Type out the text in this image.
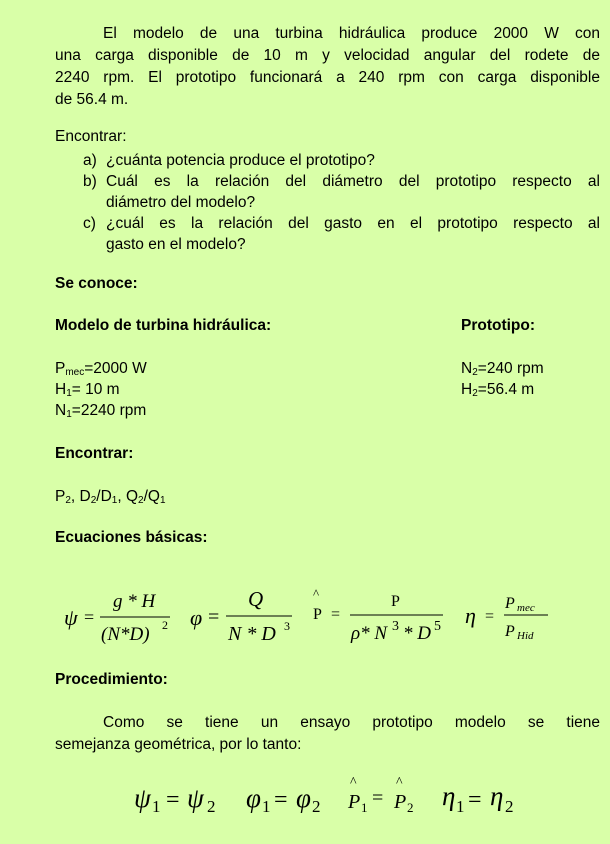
El modelo de una turbina hidráulica produce 2000 W con
una carga disponible de 10 m y velocidad angular del rodete de
2240 rpm. El prototipo funcionará a 240 rpm con carga disponible
de 56.4 m.
Encontrar:
a) ¿cuánta potencia produce el prototipo?
b) Cuál es la relación del diámetro del prototipo respecto al
diámetro del modelo?
c) ¿cuál es la relación del gasto en el prototipo respecto al
gasto en el modelo?
Se conoce:
Modelo de turbina hidráulica:	Prototipo:
$P_{mec}=2000$ W
$H_1= 10$ m
$N_1=2240$ rpm
$N_2=240$ rpm
$H_2=56.4$ m
Encontrar:
$P_2$, $D_2/D_1$, $Q_2/Q_1$
Ecuaciones básicas:
ψ =
g * H
(N*D) 2 φ =
Q
N * D 3
^
P =
P
ρ* N 3 * D 5 η =
P mec
P Hid
Procedimiento:
Como se tiene un ensayo prototipo modelo se tiene
semejanza geométrica, por lo tanto:
ψ 1 = ψ 2 φ 1 = φ 2
^
P 1 =
^
P 2 η 1 = η 2
